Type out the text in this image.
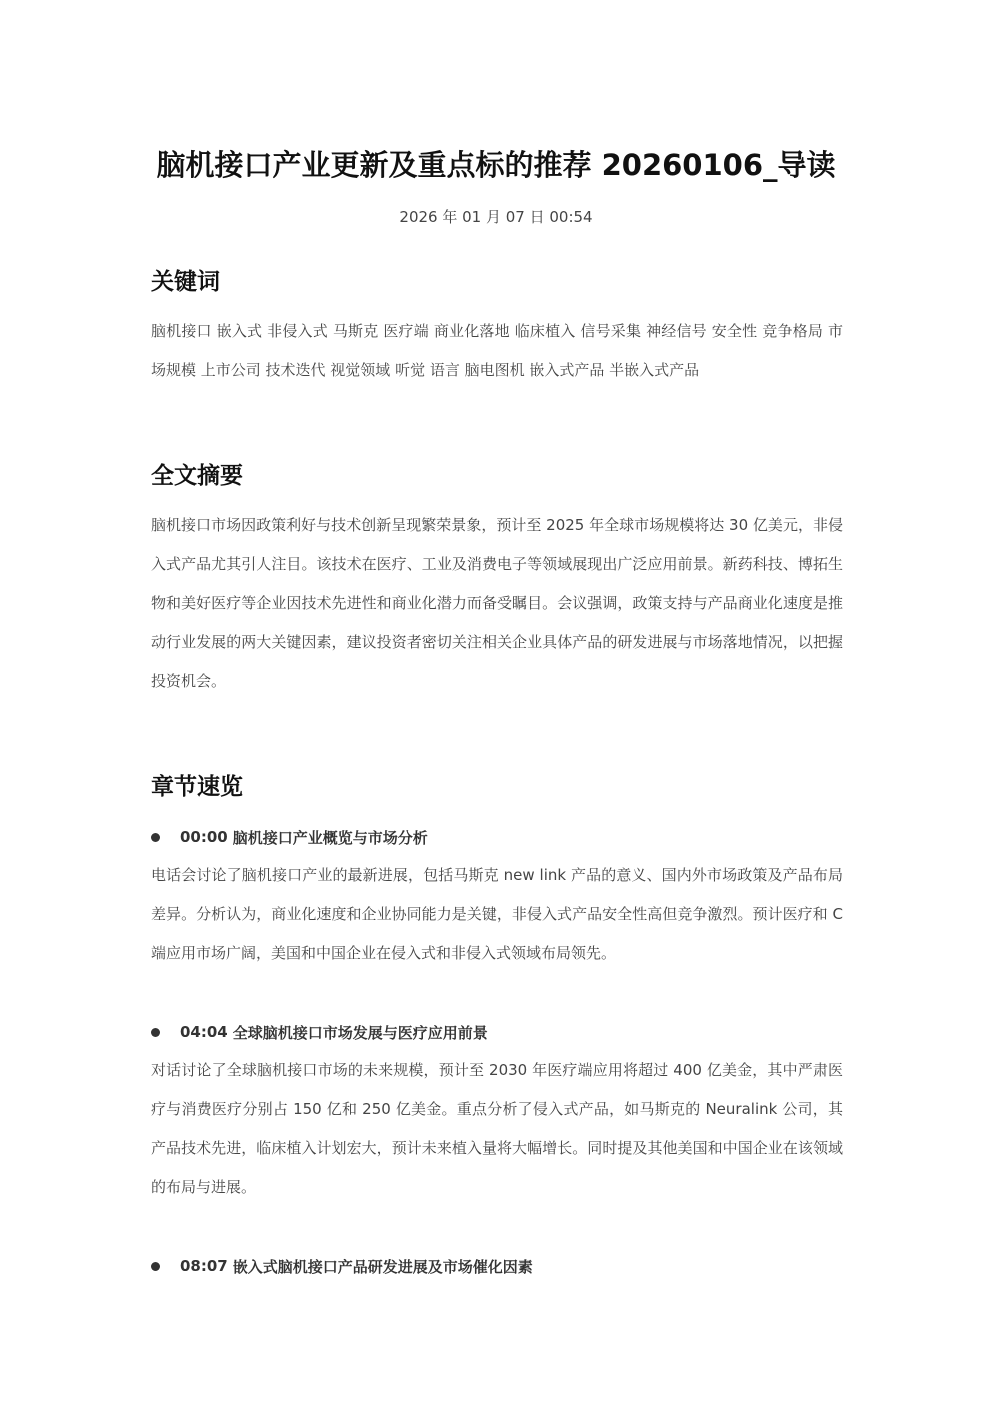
脑机接口产业更新及重点标的推荐 20260106_导读

2026 年 01 月 07 日 00:54

关键词

脑机接口 嵌入式 非侵入式 马斯克 医疗端 商业化落地 临床植入 信号采集 神经信号 安全性 竞争格局 市场规模 上市公司 技术迭代 视觉领域 听觉 语言 脑电图机 嵌入式产品 半嵌入式产品

全文摘要

脑机接口市场因政策利好与技术创新呈现繁荣景象，预计至 2025 年全球市场规模将达 30 亿美元，非侵入式产品尤其引人注目。该技术在医疗、工业及消费电子等领域展现出广泛应用前景。新药科技、博拓生物和美好医疗等企业因技术先进性和商业化潜力而备受瞩目。会议强调，政策支持与产品商业化速度是推动行业发展的两大关键因素，建议投资者密切关注相关企业具体产品的研发进展与市场落地情况，以把握投资机会。

章节速览
00:00 脑机接口产业概览与市场分析

电话会讨论了脑机接口产业的最新进展，包括马斯克 new link 产品的意义、国内外市场政策及产品布局差异。分析认为，商业化速度和企业协同能力是关键，非侵入式产品安全性高但竞争激烈。预计医疗和 C 端应用市场广阔，美国和中国企业在侵入式和非侵入式领域布局领先。

04:04 全球脑机接口市场发展与医疗应用前景

对话讨论了全球脑机接口市场的未来规模，预计至 2030 年医疗端应用将超过 400 亿美金，其中严肃医疗与消费医疗分别占 150 亿和 250 亿美金。重点分析了侵入式产品，如马斯克的 Neuralink 公司，其产品技术先进，临床植入计划宏大，预计未来植入量将大幅增长。同时提及其他美国和中国企业在该领域的布局与进展。

08:07 嵌入式脑机接口产品研发进展及市场催化因素
